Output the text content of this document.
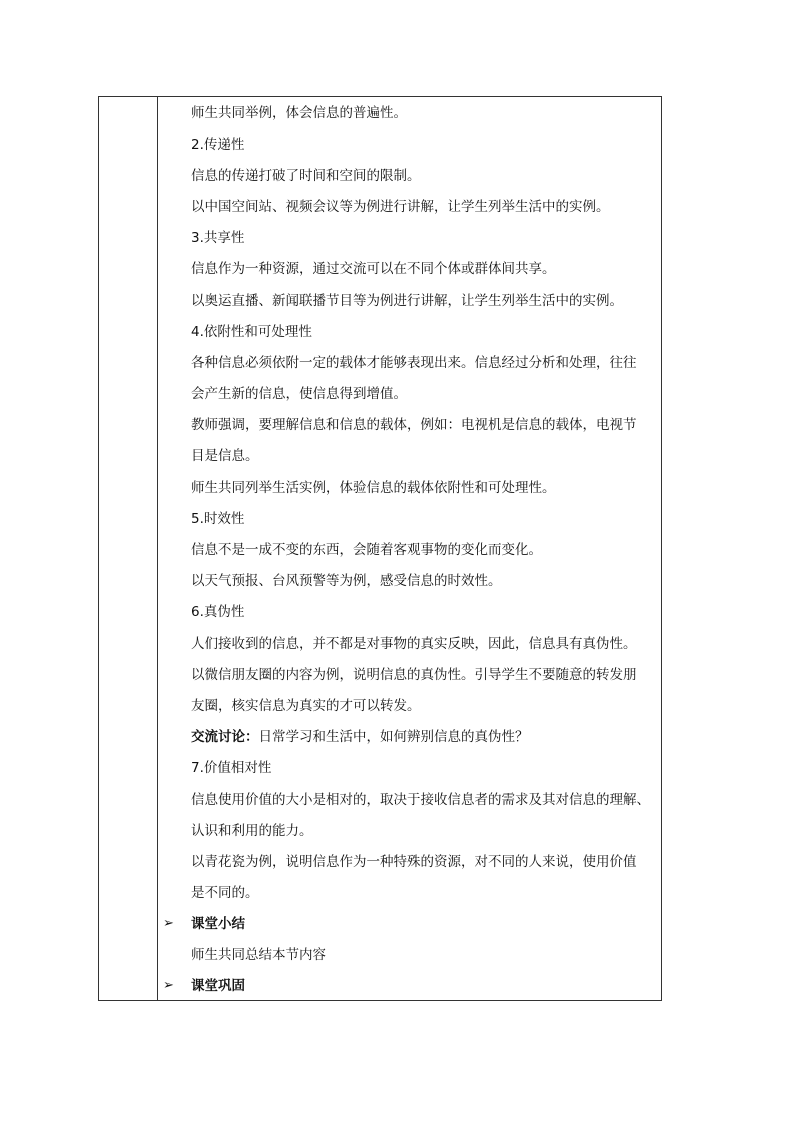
师生共同举例，体会信息的普遍性。
2.传递性
信息的传递打破了时间和空间的限制。
以中国空间站、视频会议等为例进行讲解，让学生列举生活中的实例。
3.共享性
信息作为一种资源，通过交流可以在不同个体或群体间共享。
以奥运直播、新闻联播节目等为例进行讲解，让学生列举生活中的实例。
4.依附性和可处理性
各种信息必须依附一定的载体才能够表现出来。信息经过分析和处理，往往
会产生新的信息，使信息得到增值。
教师强调，要理解信息和信息的载体，例如：电视机是信息的载体，电视节
目是信息。
师生共同列举生活实例，体验信息的载体依附性和可处理性。
5.时效性
信息不是一成不变的东西，会随着客观事物的变化而变化。
以天气预报、台风预警等为例，感受信息的时效性。
6.真伪性
人们接收到的信息，并不都是对事物的真实反映，因此，信息具有真伪性。
以微信朋友圈的内容为例，说明信息的真伪性。引导学生不要随意的转发朋
友圈，核实信息为真实的才可以转发。
交流讨论：日常学习和生活中，如何辨别信息的真伪性？
7.价值相对性
信息使用价值的大小是相对的，取决于接收信息者的需求及其对信息的理解、
认识和利用的能力。
以青花瓷为例，说明信息作为一种特殊的资源，对不同的人来说，使用价值
是不同的。
师生共同总结本节内容
➢ 课堂小结
➢ 课堂巩固
